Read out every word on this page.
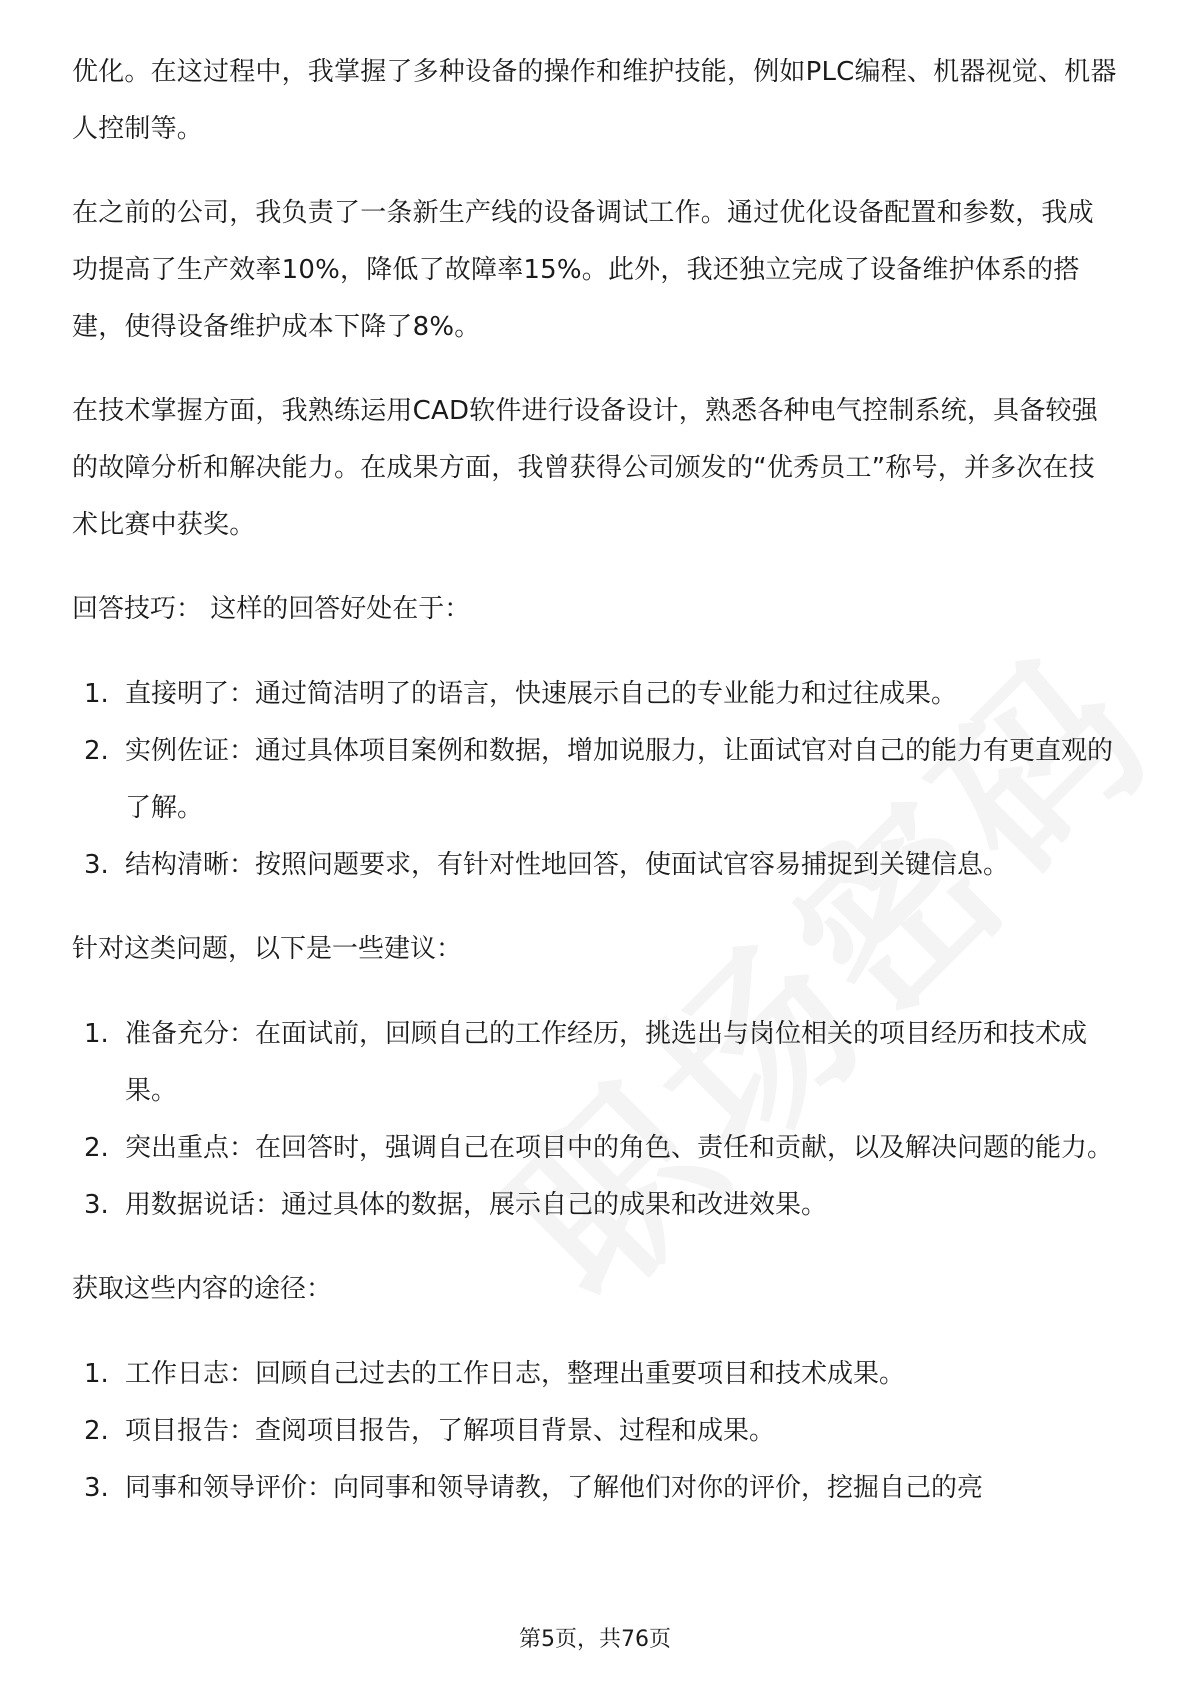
优化。在这过程中，我掌握了多种设备的操作和维护技能，例如PLC编程、机器视觉、机器人控制等。

在之前的公司，我负责了一条新生产线的设备调试工作。通过优化设备配置和参数，我成功提高了生产效率10%，降低了故障率15%。此外，我还独立完成了设备维护体系的搭建，使得设备维护成本下降了8%。

在技术掌握方面，我熟练运用CAD软件进行设备设计，熟悉各种电气控制系统，具备较强的故障分析和解决能力。在成果方面，我曾获得公司颁发的“优秀员工”称号，并多次在技术比赛中获奖。

回答技巧： 这样的回答好处在于：

1. 直接明了：通过简洁明了的语言，快速展示自己的专业能力和过往成果。
2. 实例佐证：通过具体项目案例和数据，增加说服力，让面试官对自己的能力有更直观的了解。
3. 结构清晰：按照问题要求，有针对性地回答，使面试官容易捕捉到关键信息。

针对这类问题，以下是一些建议：

1. 准备充分：在面试前，回顾自己的工作经历，挑选出与岗位相关的项目经历和技术成果。
2. 突出重点：在回答时，强调自己在项目中的角色、责任和贡献，以及解决问题的能力。
3. 用数据说话：通过具体的数据，展示自己的成果和改进效果。

获取这些内容的途径：

1. 工作日志：回顾自己过去的工作日志，整理出重要项目和技术成果。
2. 项目报告：查阅项目报告，了解项目背景、过程和成果。
3. 同事和领导评价：向同事和领导请教，了解他们对你的评价，挖掘自己的亮
第5页，共76页
